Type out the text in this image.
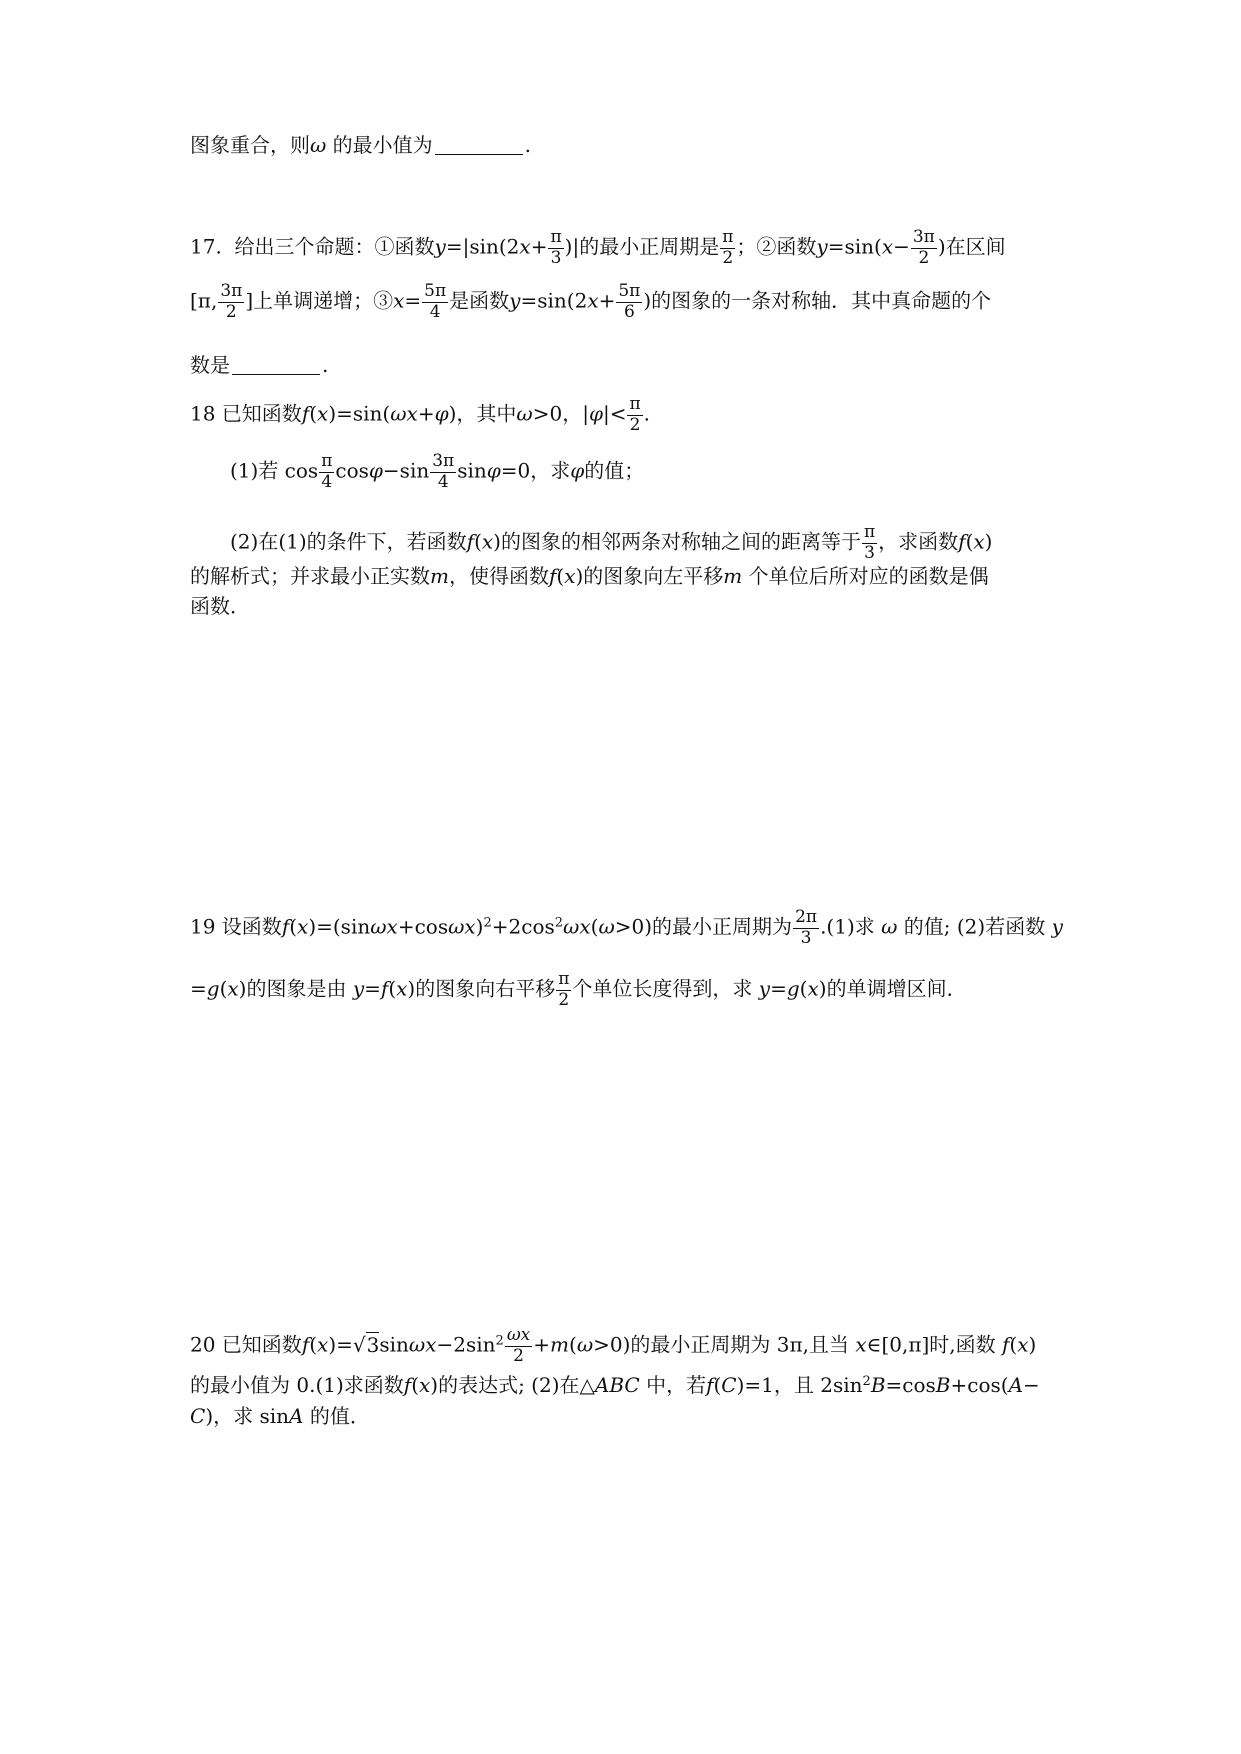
图象重合，则ω 的最小值为	.
17. 给出三个命题：①函数$y=|\sin(2x+ \frac{\pi}{3}$ )|的最小正周期是 $\frac{\pi}{2}$ ；②函数$y=\sin(x- \frac{3\pi}{2}$ )在区间
[π, $\frac{3\pi}{2}$ ]上单调递增；③x= $\frac{5\pi}{4}$ 是函数$y=\sin(2x+ \frac{5\pi}{6}$ )的图象的一条对称轴．其中真命题的个
数是	.
18 已知函数f(x)=sin(ωx+φ)，其中ω>0，$|\varphi|< \frac{\pi}{2}$ .
(1)若 $\cos \frac{\pi}{4} \cos\varphi-\sin \frac{3\pi}{4} \sin\varphi=0$，求φ的值；
(2)在(1)的条件下，若函数f(x)的图象的相邻两条对称轴之间的距离等于 $\frac{\pi}{3}$ ，求函数f(x)
的解析式；并求最小正实数m，使得函数f(x)的图象向左平移m 个单位后所对应的函数是偶
函数．
19 设函数$f(x)=(\sin\omega x+\cos\omega x)^2+2\cos^2\omega x(\omega>0)$的最小正周期为 $\frac{2\pi}{3} .(1)$求 ω 的值; (2)若函数 y
=g(x)的图象是由 y=f(x)的图象向右平移 $\frac{\pi}{2}$ 个单位长度得到，求 y=g(x)的单调增区间．
20 已知函数$f(x)=√3\sin\omega x-2\sin^2 \frac{\omega x}{2} +m(\omega>0)$的最小正周期为 3π,且当 x∈[0,π]时,函数 f(x)
的最小值为 0.(1)求函数f(x)的表达式; (2)在△ABC 中，若f(C)=1，且 $2\sin^2B=\cos B+\cos(A-$
C)，求 sinA 的值．
